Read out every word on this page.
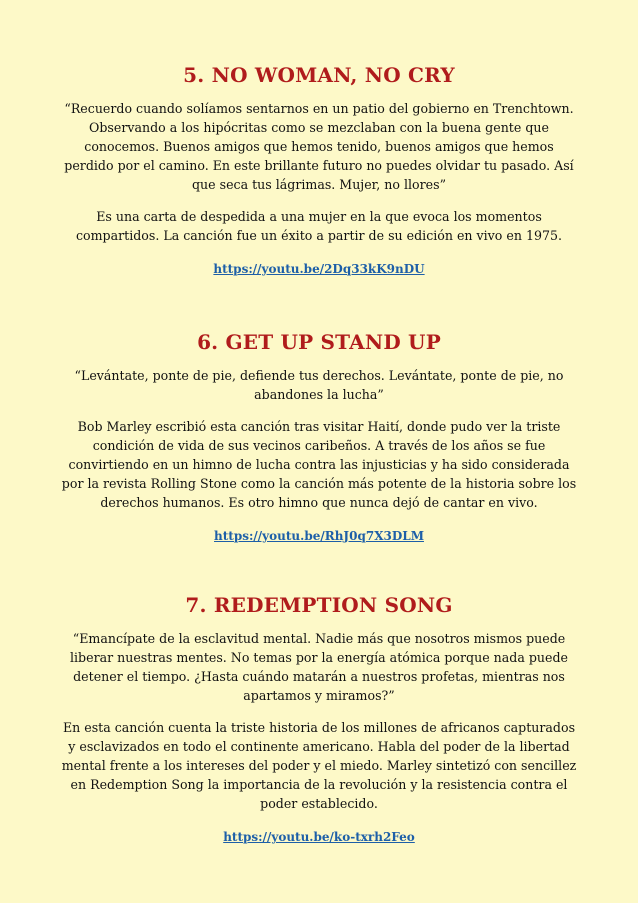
5. NO WOMAN, NO CRY

“Recuerdo cuando solíamos sentarnos en un patio del gobierno en Trenchtown. Observando a los hipócritas como se mezclaban con la buena gente que conocemos. Buenos amigos que hemos tenido, buenos amigos que hemos perdido por el camino. En este brillante futuro no puedes olvidar tu pasado. Así que seca tus lágrimas. Mujer, no llores”

Es una carta de despedida a una mujer en la que evoca los momentos compartidos. La canción fue un éxito a partir de su edición en vivo en 1975.

https://youtu.be/2Dq33kK9nDU
6. GET UP STAND UP

“Levántate, ponte de pie, defiende tus derechos. Levántate, ponte de pie, no abandones la lucha”

Bob Marley escribió esta canción tras visitar Haití, donde pudo ver la triste condición de vida de sus vecinos caribeños. A través de los años se fue convirtiendo en un himno de lucha contra las injusticias y ha sido considerada por la revista Rolling Stone como la canción más potente de la historia sobre los derechos humanos. Es otro himno que nunca dejó de cantar en vivo.

https://youtu.be/RhJ0q7X3DLM
7. REDEMPTION SONG

“Emancípate de la esclavitud mental. Nadie más que nosotros mismos puede liberar nuestras mentes. No temas por la energía atómica porque nada puede detener el tiempo. ¿Hasta cuándo matarán a nuestros profetas, mientras nos apartamos y miramos?”

En esta canción cuenta la triste historia de los millones de africanos capturados y esclavizados en todo el continente americano. Habla del poder de la libertad mental frente a los intereses del poder y el miedo. Marley sintetizó con sencillez en Redemption Song la importancia de la revolución y la resistencia contra el poder establecido.

https://youtu.be/ko-txrh2Feo
